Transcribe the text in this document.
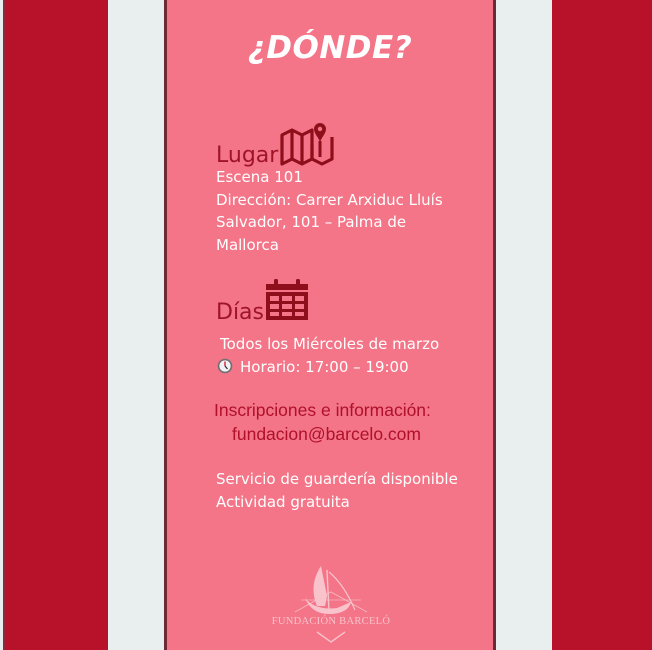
¿DÓNDE?
Lugar
Escena 101
Dirección: Carrer Arxiduc Lluís
Salvador, 101 – Palma de
Mallorca
Días
Todos los Miércoles de marzo
Horario: 17:00 – 19:00
Inscripciones e información:
fundacion@barcelo.com
Servicio de guardería disponible
Actividad gratuita
FUNDACIÓN BARCELÓ
